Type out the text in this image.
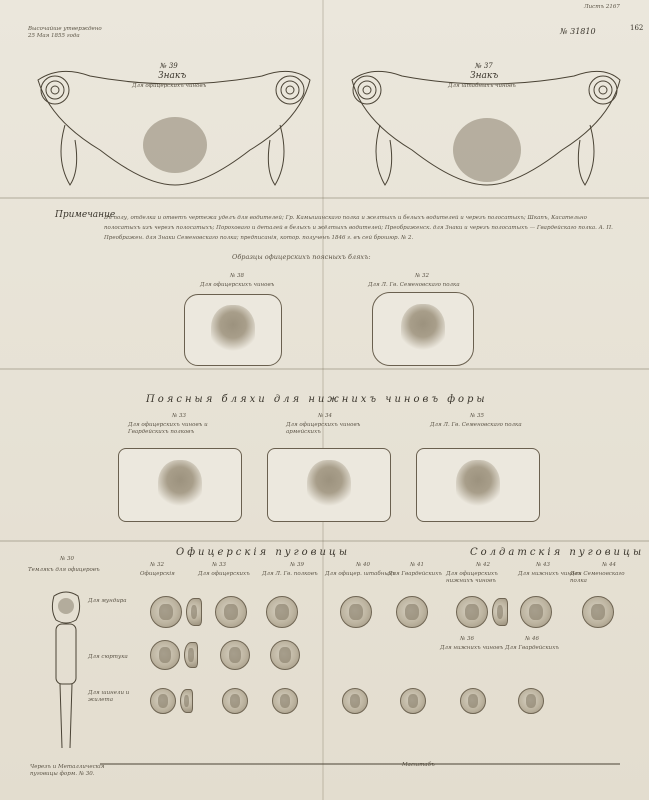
Высочайше утверждено
25 Мая 1855 года
Листъ 2167
№ 31810	162
№ 39
Знакъ
Для офицерскихъ чиновъ
№ 37
Знакъ
Для штабныхъ чиновъ
Примечание
Въ полу, отделка и ответъ чертежа уделъ для водителей; Гр. Камышинскаго полка и желтыхъ и белыхъ водителей и черезъ полосатыхъ; Шкапъ, Касательно полосатыхъ изъ черезъ полосатыхъ; Пороховаго и деталей в белыхъ и жёлтыхъ водителей; Преображенск. для Знаки и черезъ полосатыхъ — Гвардейскаго полка. А. П. Преображен. для Знаки Семеновскаго полка; предписанія, котор. полученъ 1846 г. въ сей брошюр. № 2.
Образцы офицерскихъ поясныхъ бляхъ:
№ 38
Для офицерскихъ чиновъ
№ 32
Для Л. Гв. Семеновскаго полка
Поясныя бляхи для нижнихъ чиновъ форы
№ 33
Для офицерскихъ чиновъ и Гвардейскихъ полковъ
№ 34
Для офицерскихъ чиновъ армейскихъ
№ 35
Для Л. Гв. Семеновскаго полка
Офицерскія пуговицы	Солдатскія пуговицы
№ 30
Темлякъ для офицеровъ
№ 32
Офицерскія
№ 33
Для офицерскихъ
№ 39
Для Л. Гв. полковъ
№ 40
Для офицер. штабныхъ
№ 41
Для Гвардейскихъ
№ 42
Для офицерскихъ нижнихъ чиновъ
№ 43
Для нижнихъ чиновъ
№ 44
Для Семеновскаго полка
Для мундира
Для сюртука
Для шинели и жилета
№ 36
Для нижнихъ чиновъ
№ 46
Для Гвардейскихъ
Черезъ и Металлическія пуговицы форм. № 30.
Масштабъ
